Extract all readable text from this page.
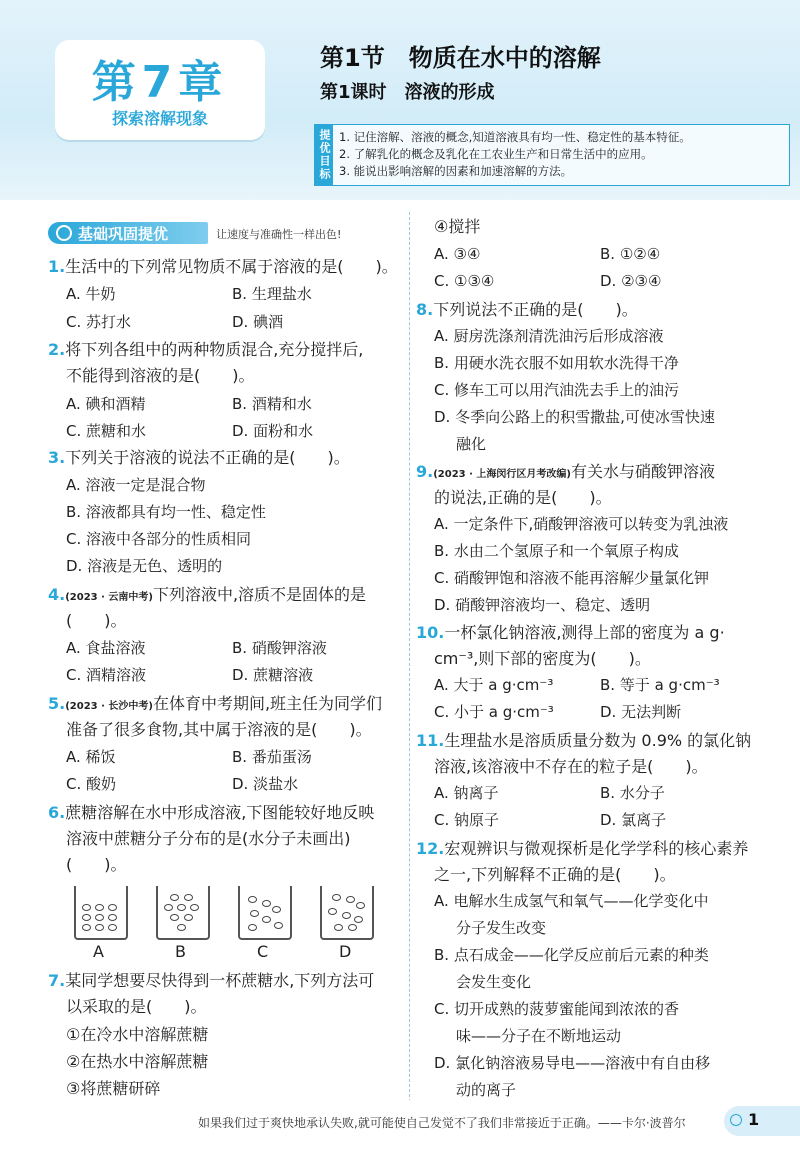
第7章
探索溶解现象
第1节　物质在水中的溶解
第1课时　溶液的形成
提优目标 1. 记住溶解、溶液的概念,知道溶液具有均一性、稳定性的基本特征。
2. 了解乳化的概念及乳化在工农业生产和日常生活中的应用。
3. 能说出影响溶解的因素和加速溶解的方法。
基础巩固提优	让速度与准确性一样出色!
1.生活中的下列常见物质不属于溶液的是(　　)。
A. 牛奶	B. 生理盐水
C. 苏打水	D. 碘酒
2.将下列各组中的两种物质混合,充分搅拌后,
不能得到溶液的是(　　)。
A. 碘和酒精	B. 酒精和水
C. 蔗糖和水	D. 面粉和水
3.下列关于溶液的说法不正确的是(　　)。
A. 溶液一定是混合物
B. 溶液都具有均一性、稳定性
C. 溶液中各部分的性质相同
D. 溶液是无色、透明的
4.(2023 · 云南中考)下列溶液中,溶质不是固体的是
(　　)。
A. 食盐溶液	B. 硝酸钾溶液
C. 酒精溶液	D. 蔗糖溶液
5.(2023 · 长沙中考)在体育中考期间,班主任为同学们
准备了很多食物,其中属于溶液的是(　　)。
A. 稀饭	B. 番茄蛋汤
C. 酸奶	D. 淡盐水
6.蔗糖溶解在水中形成溶液,下图能较好地反映
溶液中蔗糖分子分布的是(水分子未画出)
(　　)。
A	B	C	D
7.某同学想要尽快得到一杯蔗糖水,下列方法可
以采取的是(　　)。
①在冷水中溶解蔗糖
②在热水中溶解蔗糖
③将蔗糖研碎
④搅拌
A. ③④	B. ①②④
C. ①③④	D. ②③④
8.下列说法不正确的是(　　)。
A. 厨房洗涤剂清洗油污后形成溶液
B. 用硬水洗衣服不如用软水洗得干净
C. 修车工可以用汽油洗去手上的油污
D. 冬季向公路上的积雪撒盐,可使冰雪快速
融化
9.(2023 · 上海闵行区月考改编)有关水与硝酸钾溶液
的说法,正确的是(　　)。
A. 一定条件下,硝酸钾溶液可以转变为乳浊液
B. 水由二个氢原子和一个氧原子构成
C. 硝酸钾饱和溶液不能再溶解少量氯化钾
D. 硝酸钾溶液均一、稳定、透明
10.一杯氯化钠溶液,测得上部的密度为 a g·
cm⁻³,则下部的密度为(　　)。
A. 大于 a g·cm⁻³	B. 等于 a g·cm⁻³
C. 小于 a g·cm⁻³	D. 无法判断
11.生理盐水是溶质质量分数为 0.9% 的氯化钠
溶液,该溶液中不存在的粒子是(　　)。
A. 钠离子	B. 水分子
C. 钠原子	D. 氯离子
12.宏观辨识与微观探析是化学学科的核心素养
之一,下列解释不正确的是(　　)。
A. 电解水生成氢气和氧气——化学变化中
分子发生改变
B. 点石成金——化学反应前后元素的种类
会发生变化
C. 切开成熟的菠萝蜜能闻到浓浓的香
味——分子在不断地运动
D. 氯化钠溶液易导电——溶液中有自由移
动的离子
如果我们过于爽快地承认失败,就可能使自己发觉不了我们非常接近于正确。——卡尔·波普尔	1
